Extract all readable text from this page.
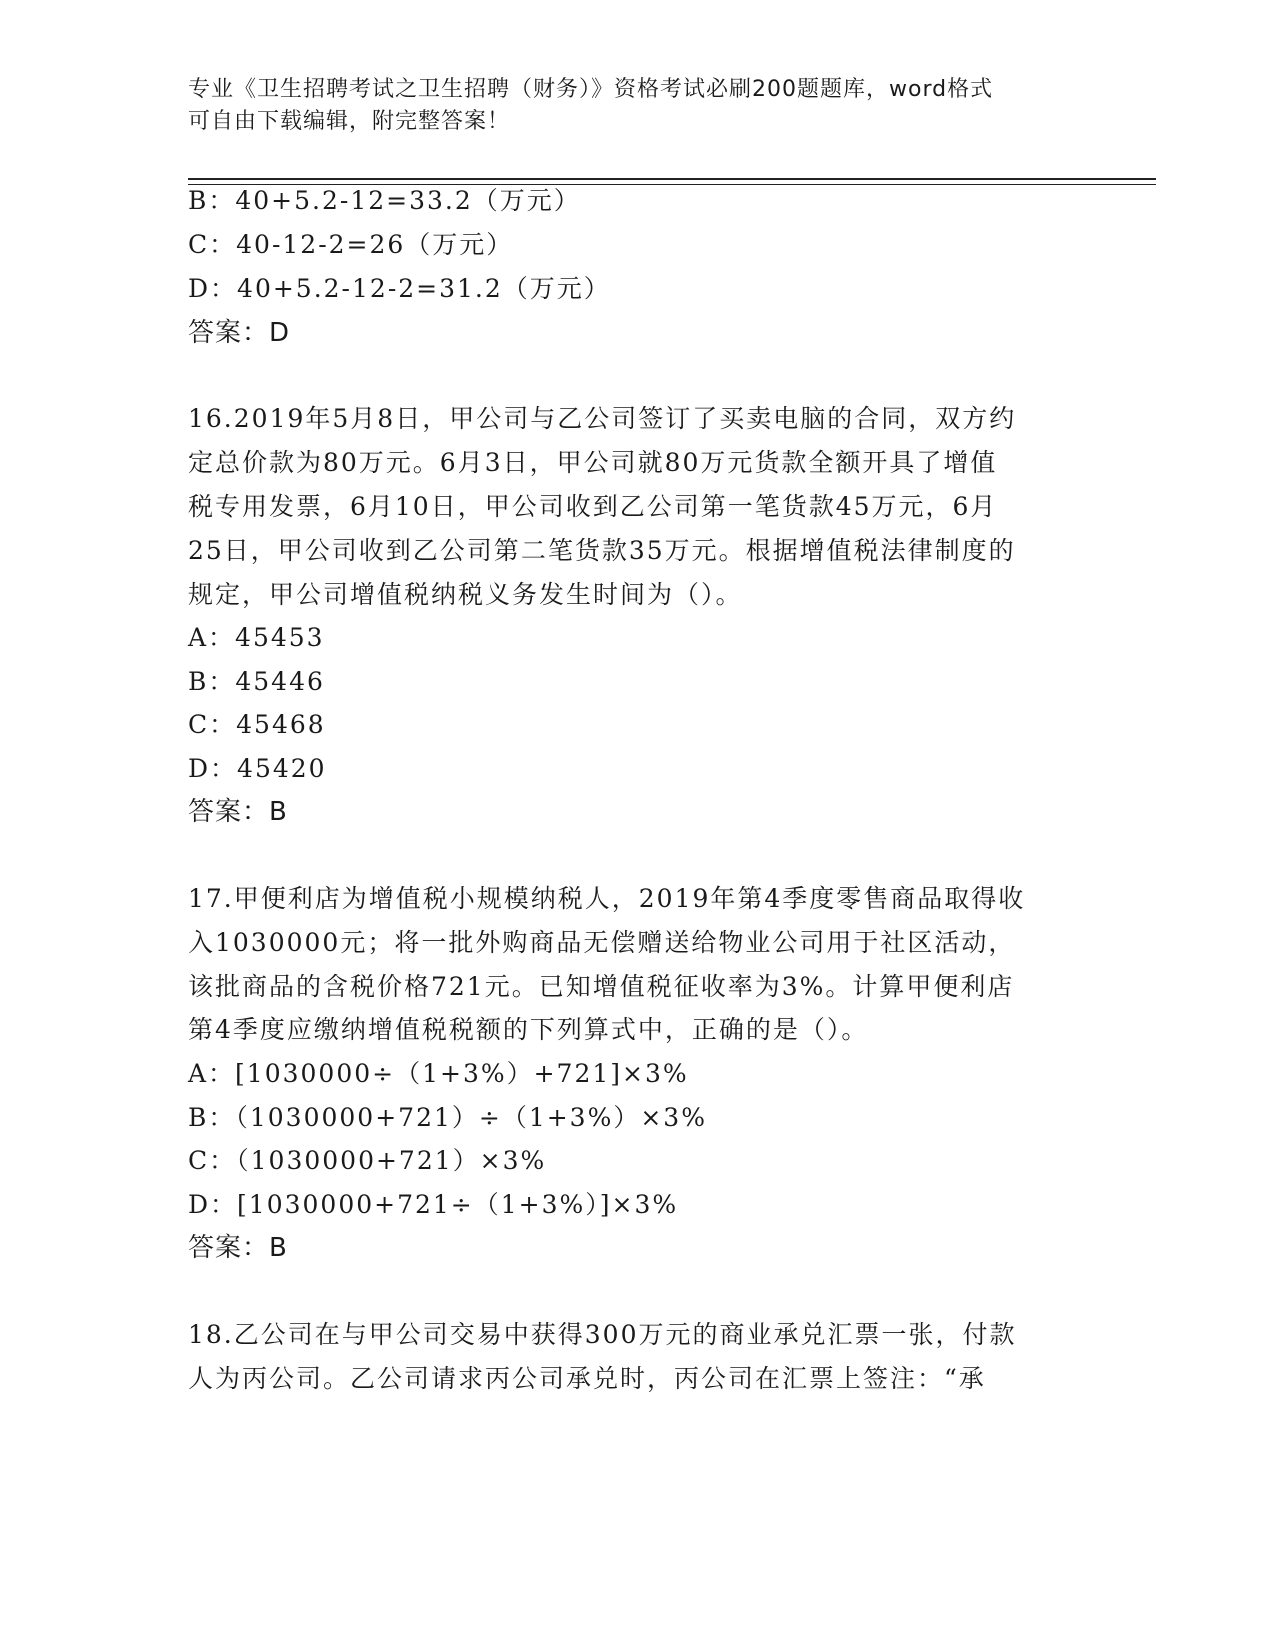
专业《卫生招聘考试之卫生招聘（财务）》资格考试必刷200题题库，word格式
可自由下载编辑，附完整答案！
B：40+5.2-12=33.2（万元）
C：40-12-2=26（万元）
D：40+5.2-12-2=31.2（万元）
答案：D
16.2019年5月8日，甲公司与乙公司签订了买卖电脑的合同，双方约
定总价款为80万元。6月3日，甲公司就80万元货款全额开具了增值
税专用发票，6月10日，甲公司收到乙公司第一笔货款45万元，6月
25日，甲公司收到乙公司第二笔货款35万元。根据增值税法律制度的
规定，甲公司增值税纳税义务发生时间为（）。
A：45453
B：45446
C：45468
D：45420
答案：B
17.甲便利店为增值税小规模纳税人，2019年第4季度零售商品取得收
入1030000元；将一批外购商品无偿赠送给物业公司用于社区活动，
该批商品的含税价格721元。已知增值税征收率为3%。计算甲便利店
第4季度应缴纳增值税税额的下列算式中，正确的是（）。
A：[1030000÷（1+3%）+721]×3%
B：（1030000+721）÷（1+3%）×3%
C：（1030000+721）×3%
D：[1030000+721÷（1+3%）]×3%
答案：B
18.乙公司在与甲公司交易中获得300万元的商业承兑汇票一张，付款
人为丙公司。乙公司请求丙公司承兑时，丙公司在汇票上签注：“承
